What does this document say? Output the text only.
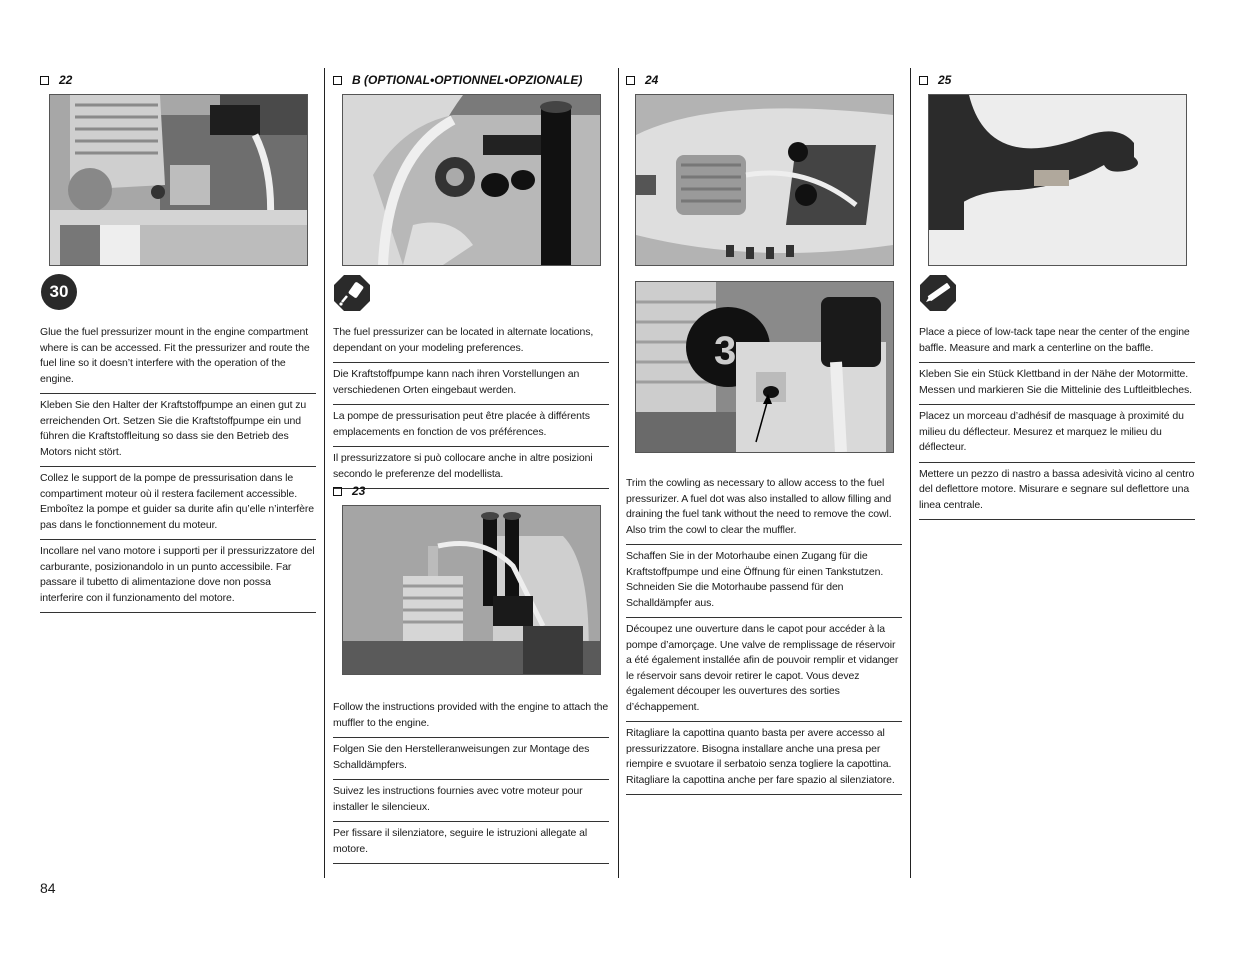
22
30
Glue the fuel pressurizer mount in the engine compartment where is can be accessed. Fit the pressurizer and route the fuel line so it doesn’t interfere with the operation of the engine.
Kleben Sie den Halter der Kraftstoffpumpe an einen gut zu erreichenden Ort. Setzen Sie die Kraftstoffpumpe ein und führen die Kraftstoffleitung so dass sie den Betrieb des Motors nicht stört.
Collez le support de la pompe de pressurisation dans le compartiment moteur où il restera facilement accessible. Emboîtez la pompe et guider sa durite afin qu’elle n’interfère pas dans le fonctionnement du moteur.
Incollare nel vano motore i supporti per il pressurizzatore del carburante, posizionandolo in un punto accessibile. Far passare il tubetto di alimentazione dove non possa interferire con il funzionamento del motore.
B (OPTIONAL•OPTIONNEL•OPZIONALE)
The fuel pressurizer can be located in alternate locations, dependant on your modeling preferences.
Die Kraftstoffpumpe kann nach ihren Vorstellungen an verschiedenen Orten eingebaut werden.
La pompe de pressurisation peut être placée à différents emplacements en fonction de vos préférences.
Il pressurizzatore si può collocare anche in altre posizioni secondo le preferenze del modellista.
23
Follow the instructions provided with the engine to attach the muffler to the engine.
Folgen Sie den Herstelleranweisungen zur Montage des Schalldämpfers.
Suivez les instructions fournies avec votre moteur pour installer le silencieux.
Per fissare il silenziatore, seguire le istruzioni allegate al motore.
24
3
Trim the cowling as necessary to allow access to the fuel pressurizer. A fuel dot was also installed to allow filling and draining the fuel tank without the need to remove the cowl. Also trim the cowl to clear the muffler.
Schaffen Sie in der Motorhaube einen Zugang für die Kraftstoffpumpe und eine Öffnung für einen Tankstutzen. Schneiden Sie die Motorhaube passend für den Schalldämpfer aus.
Découpez une ouverture dans le capot pour accéder à la pompe d’amorçage. Une valve de remplissage de réservoir a été également installée afin de pouvoir remplir et vidanger le réservoir sans devoir retirer le capot. Vous devez également découper les ouvertures des sorties d’échappement.
Ritagliare la capottina quanto basta per avere accesso al pressurizzatore. Bisogna installare anche una presa per riempire e svuotare il serbatoio senza togliere la capottina. Ritagliare la capottina anche per fare spazio al silenziatore.
25
Place a piece of low-tack tape near the center of the engine baffle. Measure and mark a centerline on the baffle.
Kleben Sie ein Stück Klettband in der Nähe der Motormitte. Messen und markieren Sie die Mittelinie des Luftleitbleches.
Placez un morceau d’adhésif de masquage à proximité du milieu du déflecteur. Mesurez et marquez le milieu du déflecteur.
Mettere un pezzo di nastro a bassa adesività vicino al centro del deflettore motore. Misurare e segnare sul deflettore una linea centrale.
84
